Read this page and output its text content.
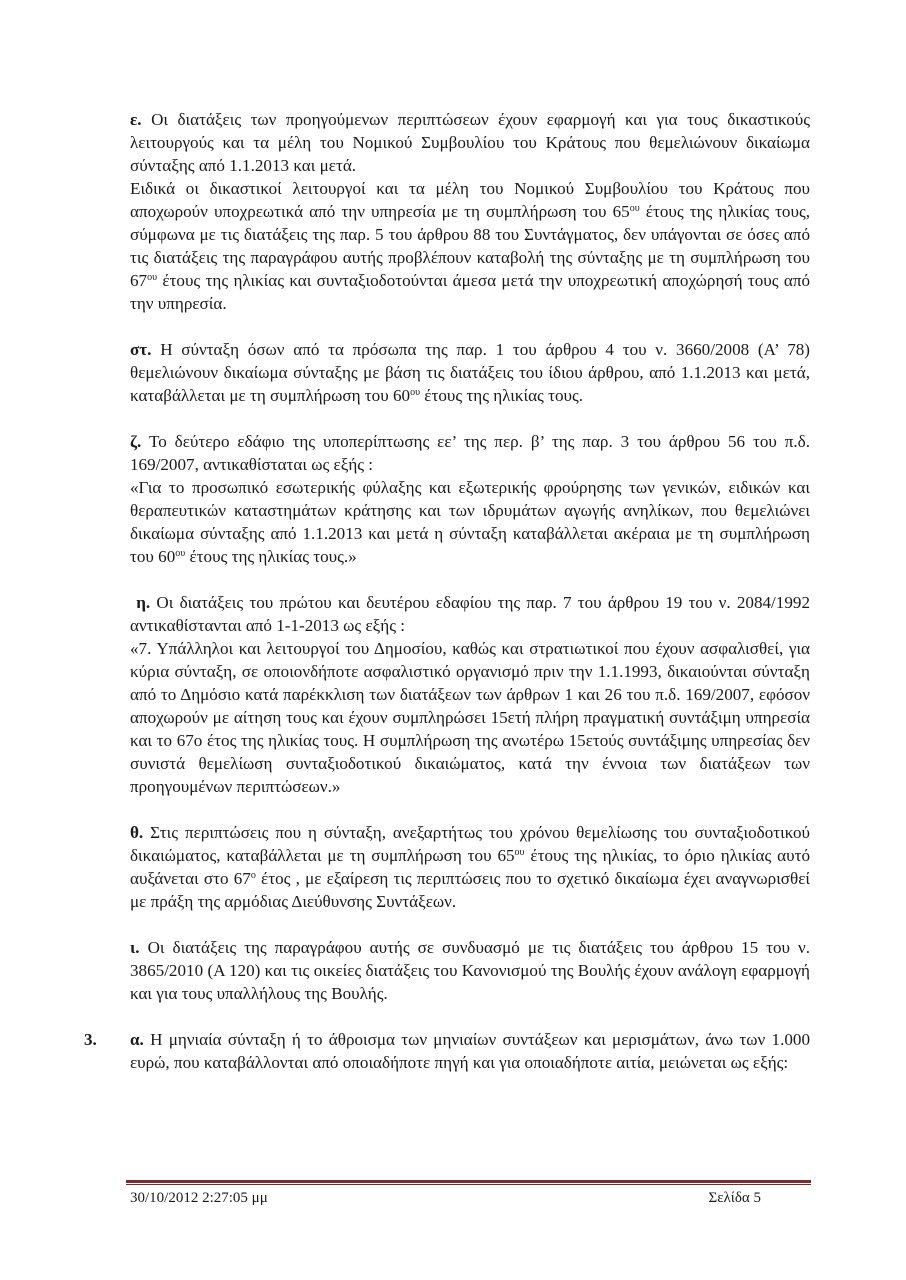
ε. Οι διατάξεις των προηγούμενων περιπτώσεων έχουν εφαρμογή και για τους δικαστικούς λειτουργούς και τα μέλη του Νομικού Συμβουλίου του Κράτους που θεμελιώνουν δικαίωμα σύνταξης από 1.1.2013 και μετά.

Ειδικά οι δικαστικοί λειτουργοί και τα μέλη του Νομικού Συμβουλίου του Κράτους που αποχωρούν υποχρεωτικά από την υπηρεσία με τη συμπλήρωση του $65^{o\upsilon}$ έτους της ηλικίας τους, σύμφωνα με τις διατάξεις της παρ. 5 του άρθρου 88 του Συντάγματος, δεν υπάγονται σε όσες από τις διατάξεις της παραγράφου αυτής προβλέπουν καταβολή της σύνταξης με τη συμπλήρωση του $67^{o\upsilon}$ έτους της ηλικίας και συνταξιοδοτούνται άμεσα μετά την υποχρεωτική αποχώρησή τους από την υπηρεσία.

στ. Η σύνταξη όσων από τα πρόσωπα της παρ. 1 του άρθρου 4 του ν. 3660/2008 (Α’ 78) θεμελιώνουν δικαίωμα σύνταξης με βάση τις διατάξεις του ίδιου άρθρου, από 1.1.2013 και μετά, καταβάλλεται με τη συμπλήρωση του $60^{o\upsilon}$ έτους της ηλικίας τους.

ζ. Το δεύτερο εδάφιο της υποπερίπτωσης εε’ της περ. β’ της παρ. 3 του άρθρου 56 του π.δ. 169/2007, αντικαθίσταται ως εξής :

«Για το προσωπικό εσωτερικής φύλαξης και εξωτερικής φρούρησης των γενικών, ειδικών και θεραπευτικών καταστημάτων κράτησης και των ιδρυμάτων αγωγής ανηλίκων, που θεμελιώνει δικαίωμα σύνταξης από 1.1.2013 και μετά η σύνταξη καταβάλλεται ακέραια με τη συμπλήρωση του $60^{o\upsilon}$ έτους της ηλικίας τους.»

η. Οι διατάξεις του πρώτου και δευτέρου εδαφίου της παρ. 7 του άρθρου 19 του ν. 2084/1992 αντικαθίστανται από 1-1-2013 ως εξής :

«7. Υπάλληλοι και λειτουργοί του Δημοσίου, καθώς και στρατιωτικοί που έχουν ασφαλισθεί, για κύρια σύνταξη, σε οποιονδήποτε ασφαλιστικό οργανισμό πριν την 1.1.1993, δικαιούνται σύνταξη από το Δημόσιο κατά παρέκκλιση των διατάξεων των άρθρων 1 και 26 του π.δ. 169/2007, εφόσον αποχωρούν με αίτηση τους και έχουν συμπληρώσει 15ετή πλήρη πραγματική συντάξιμη υπηρεσία και το 67ο έτος της ηλικίας τους. Η συμπλήρωση της ανωτέρω 15ετούς συντάξιμης υπηρεσίας δεν συνιστά θεμελίωση συνταξιοδοτικού δικαιώματος, κατά την έννοια των διατάξεων των προηγουμένων περιπτώσεων.»

θ. Στις περιπτώσεις που η σύνταξη, ανεξαρτήτως του χρόνου θεμελίωσης του συνταξιοδοτικού δικαιώματος, καταβάλλεται με τη συμπλήρωση του $65^{o\upsilon}$ έτους της ηλικίας, το όριο ηλικίας αυτό αυξάνεται στο $67^o$ έτος , με εξαίρεση τις περιπτώσεις που το σχετικό δικαίωμα έχει αναγνωρισθεί με πράξη της αρμόδιας Διεύθυνσης Συντάξεων.

ι. Οι διατάξεις της παραγράφου αυτής σε συνδυασμό με τις διατάξεις του άρθρου 15 του ν. 3865/2010 (Α 120) και τις οικείες διατάξεις του Κανονισμού της Βουλής έχουν ανάλογη εφαρμογή και για τους υπαλλήλους της Βουλής.

3. α. Η μηνιαία σύνταξη ή το άθροισμα των μηνιαίων συντάξεων και μερισμάτων, άνω των 1.000 ευρώ, που καταβάλλονται από οποιαδήποτε πηγή και για οποιαδήποτε αιτία, μειώνεται ως εξής:

30/10/2012 2:27:05 μμ	Σελίδα 5
